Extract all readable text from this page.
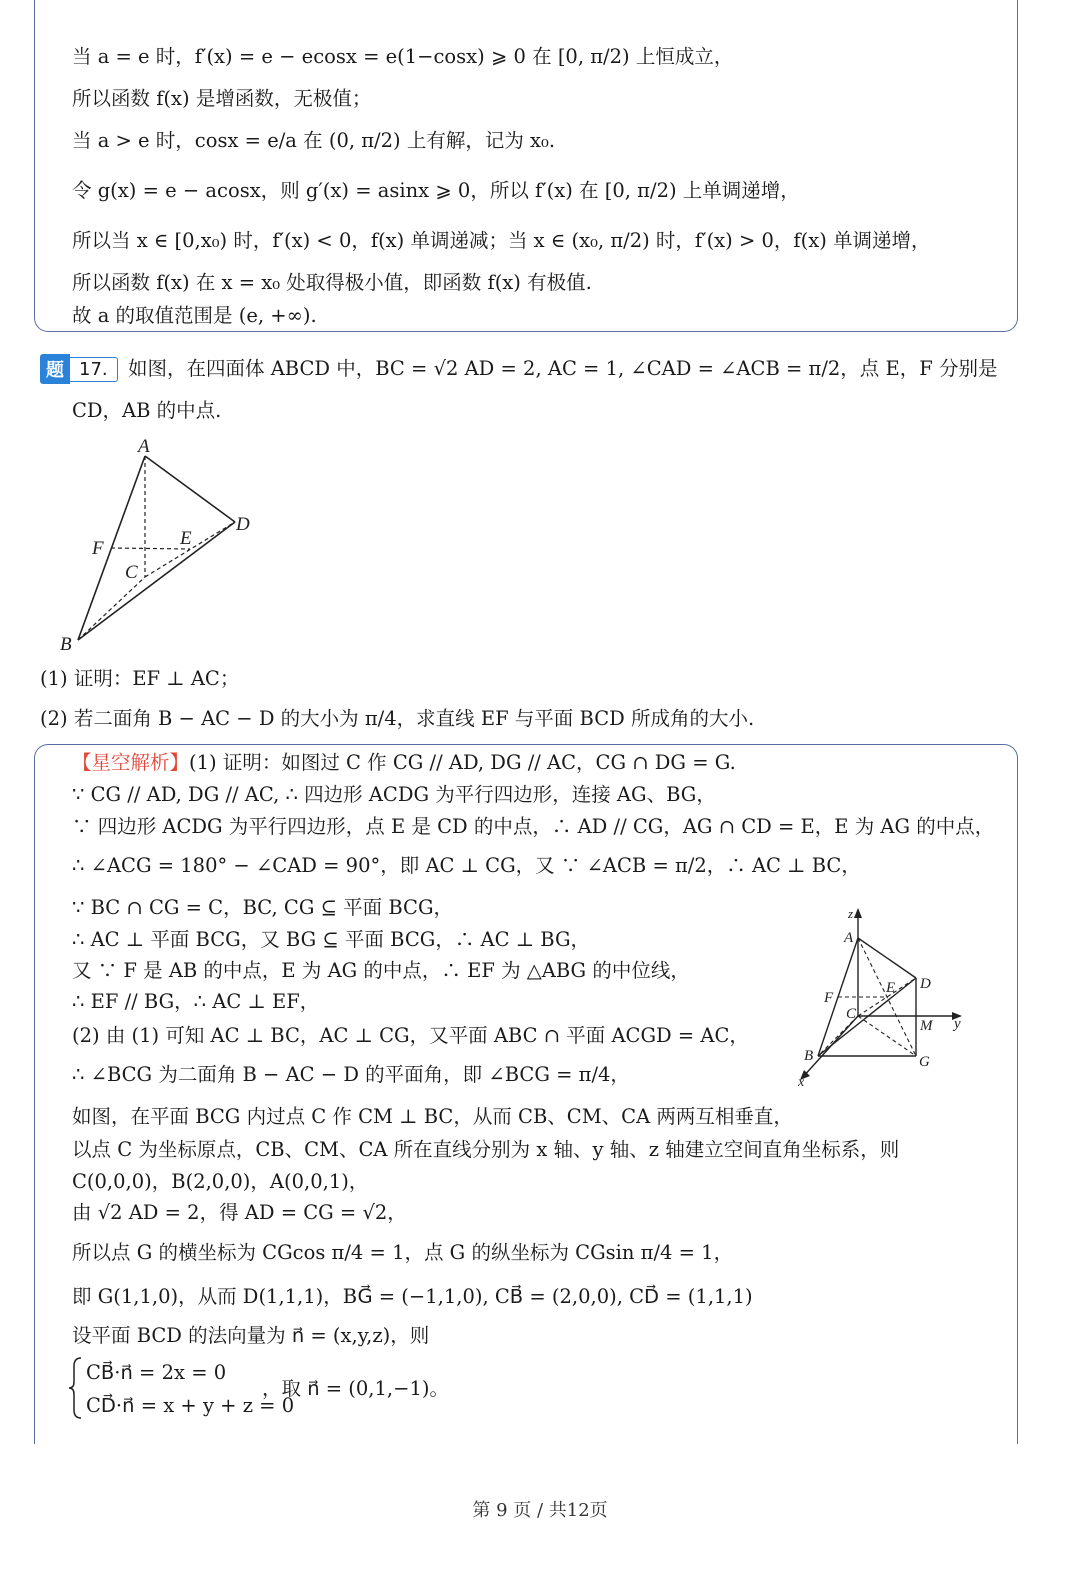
当 a = e 时，f′(x) = e − ecosx = e(1−cosx) ⩾ 0 在 [0, π/2) 上恒成立，
所以函数 f(x) 是增函数，无极值；
当 a > e 时，cosx = e/a 在 (0, π/2) 上有解，记为 x₀.
令 g(x) = e − acosx，则 g′(x) = asinx ⩾ 0，所以 f′(x) 在 [0, π/2) 上单调递增，
所以当 x ∈ [0,x₀) 时，f′(x) < 0，f(x) 单调递减；当 x ∈ (x₀, π/2) 时，f′(x) > 0，f(x) 单调递增，
所以函数 f(x) 在 x = x₀ 处取得极小值，即函数 f(x) 有极值.
故 a 的取值范围是 (e, +∞).
题 17.	如图，在四面体 ABCD 中，BC = √2 AD = 2, AC = 1, ∠CAD = ∠ACB = π/2，点 E，F 分别是
CD，AB 的中点.
A
B
C
D
E
F
(1) 证明：EF ⊥ AC；
(2) 若二面角 B − AC − D 的大小为 π/4，求直线 EF 与平面 BCD 所成角的大小.
【星空解析】(1) 证明：如图过 C 作 CG // AD, DG // AC，CG ∩ DG = G.
∵ CG // AD, DG // AC, ∴ 四边形 ACDG 为平行四边形，连接 AG、BG，
∵ 四边形 ACDG 为平行四边形，点 E 是 CD 的中点，∴ AD // CG，AG ∩ CD = E，E 为 AG 的中点，
∴ ∠ACG = 180° − ∠CAD = 90°，即 AC ⊥ CG，又 ∵ ∠ACB = π/2，∴ AC ⊥ BC，
∵ BC ∩ CG = C，BC, CG ⊆ 平面 BCG，
∴ AC ⊥ 平面 BCG，又 BG ⊆ 平面 BCG，∴ AC ⊥ BG，
又 ∵ F 是 AB 的中点，E 为 AG 的中点，∴ EF 为 △ABG 的中位线，
∴ EF // BG，∴ AC ⊥ EF，
(2) 由 (1) 可知 AC ⊥ BC，AC ⊥ CG，又平面 ABC ∩ 平面 ACGD = AC，
∴ ∠BCG 为二面角 B − AC − D 的平面角，即 ∠BCG = π/4，
如图，在平面 BCG 内过点 C 作 CM ⊥ BC，从而 CB、CM、CA 两两互相垂直，
以点 C 为坐标原点，CB、CM、CA 所在直线分别为 x 轴、y 轴、z 轴建立空间直角坐标系，则
C(0,0,0)，B(2,0,0)，A(0,0,1)，
由 √2 AD = 2，得 AD = CG = √2，
所以点 G 的横坐标为 CGcos π/4 = 1，点 G 的纵坐标为 CGsin π/4 = 1，
即 G(1,1,0)，从而 D(1,1,1)，BG⃗ = (−1,1,0), CB⃗ = (2,0,0), CD⃗ = (1,1,1)
设平面 BCD 的法向量为 n⃗ = (x,y,z)，则
CB⃗·n⃗ = 2x = 0
CD⃗·n⃗ = x + y + z = 0
，取 n⃗ = (0,1,−1)。
z
A
B
C
D
E
F
G
M y
x
第 9 页 / 共12页
